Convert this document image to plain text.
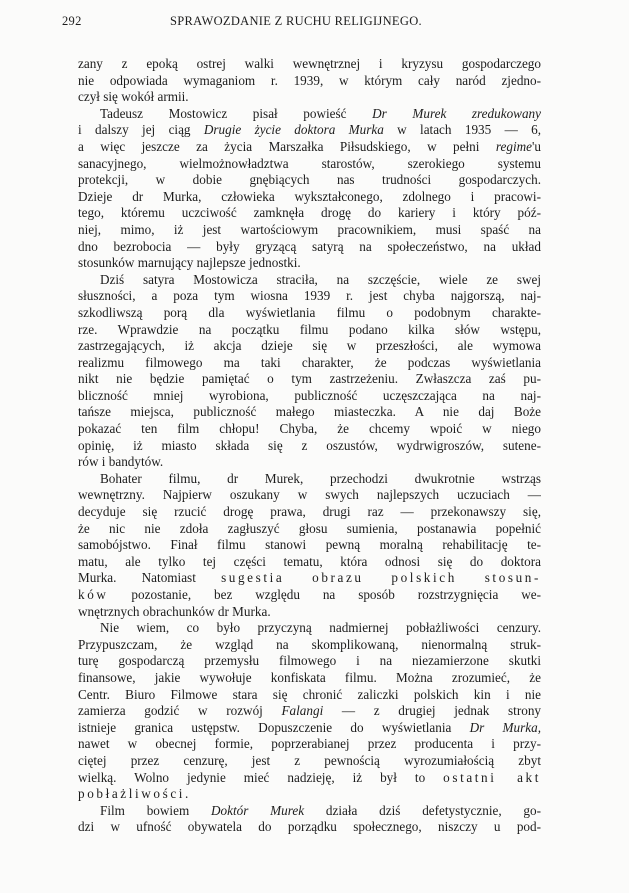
292	SPRAWOZDANIE Z RUCHU RELIGIJNEGO.
zany z epoką ostrej walki wewnętrznej i kryzysu gospodarczego
nie odpowiada wymaganiom r. 1939, w którym cały naród zjedno-
czył się wokół armii.
Tadeusz Mostowicz pisał powieść Dr Murek zredukowany
i dalszy jej ciąg Drugie życie doktora Murka w latach 1935 — 6,
a więc jeszcze za życia Marszałka Piłsudskiego, w pełni regime'u
sanacyjnego, wielmożnowładztwa starostów, szerokiego systemu
protekcji, w dobie gnębiących nas trudności gospodarczych.
Dzieje dr Murka, człowieka wykształconego, zdolnego i pracowi-
tego, któremu uczciwość zamknęła drogę do kariery i który póź-
niej, mimo, iż jest wartościowym pracownikiem, musi spaść na
dno bezrobocia — były gryzącą satyrą na społeczeństwo, na układ
stosunków marnujący najlepsze jednostki.
Dziś satyra Mostowicza straciła, na szczęście, wiele ze swej
słuszności, a poza tym wiosna 1939 r. jest chyba najgorszą, naj-
szkodliwszą porą dla wyświetlania filmu o podobnym charakte-
rze. Wprawdzie na początku filmu podano kilka słów wstępu,
zastrzegających, iż akcja dzieje się w przeszłości, ale wymowa
realizmu filmowego ma taki charakter, że podczas wyświetlania
nikt nie będzie pamiętać o tym zastrzeżeniu. Zwłaszcza zaś pu-
bliczność mniej wyrobiona, publiczność uczęszczająca na naj-
tańsze miejsca, publiczność małego miasteczka. A nie daj Boże
pokazać ten film chłopu! Chyba, że chcemy wpoić w niego
opinię, iż miasto składa się z oszustów, wydrwigroszów, sutene-
rów i bandytów.
Bohater filmu, dr Murek, przechodzi dwukrotnie wstrząs
wewnętrzny. Najpierw oszukany w swych najlepszych uczuciach —
decyduje się rzucić drogę prawa, drugi raz — przekonawszy się,
że nic nie zdoła zagłuszyć głosu sumienia, postanawia popełnić
samobójstwo. Finał filmu stanowi pewną moralną rehabilitację te-
matu, ale tylko tej części tematu, która odnosi się do doktora
Murka. Natomiast sugestia obrazu polskich stosun-
ków pozostanie, bez względu na sposób rozstrzygnięcia we-
wnętrznych obrachunków dr Murka.
Nie wiem, co było przyczyną nadmiernej pobłażliwości cenzury.
Przypuszczam, że wzgląd na skomplikowaną, nienormalną struk-
turę gospodarczą przemysłu filmowego i na niezamierzone skutki
finansowe, jakie wywołuje konfiskata filmu. Można zrozumieć, że
Centr. Biuro Filmowe stara się chronić zaliczki polskich kin i nie
zamierza godzić w rozwój Falangi — z drugiej jednak strony
istnieje granica ustępstw. Dopuszczenie do wyświetlania Dr Murka,
nawet w obecnej formie, poprzerabianej przez producenta i przy-
ciętej przez cenzurę, jest z pewnością wyrozumiałością zbyt
wielką. Wolno jedynie mieć nadzieję, iż był to ostatni akt
pobłażliwości.
Film bowiem Doktór Murek działa dziś defetystycznie, go-
dzi w ufność obywatela do porządku społecznego, niszczy u pod-
